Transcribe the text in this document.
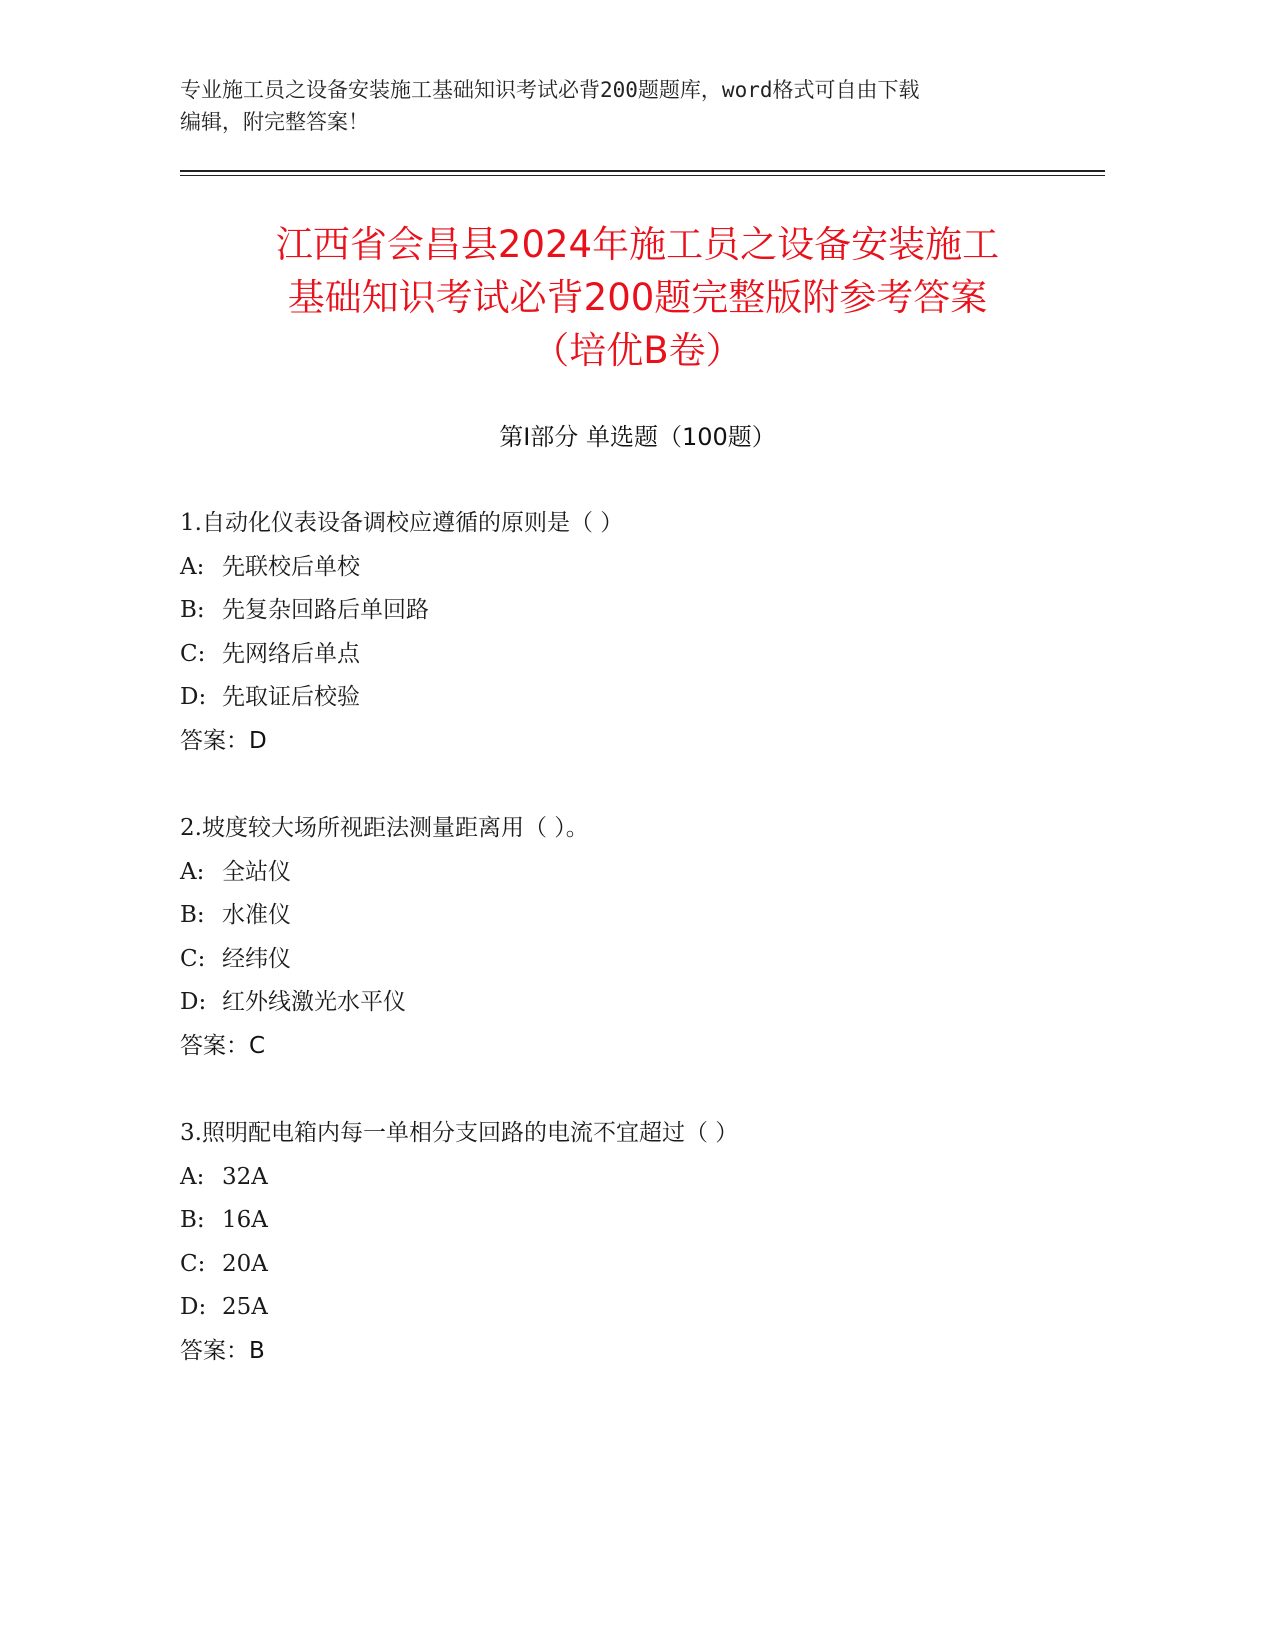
专业施工员之设备安装施工基础知识考试必背200题题库，word格式可自由下载
编辑，附完整答案！
江西省会昌县2024年施工员之设备安装施工
基础知识考试必背200题完整版附参考答案
（培优B卷）
第Ⅰ部分 单选题（100题）
1.自动化仪表设备调校应遵循的原则是（ ）
A: 先联校后单校
B: 先复杂回路后单回路
C: 先网络后单点
D: 先取证后校验
答案：D
2.坡度较大场所视距法测量距离用（ ）。
A: 全站仪
B: 水准仪
C: 经纬仪
D: 红外线激光水平仪
答案：C
3.照明配电箱内每一单相分支回路的电流不宜超过（ ）
A: 32A
B: 16A
C: 20A
D: 25A
答案：B
